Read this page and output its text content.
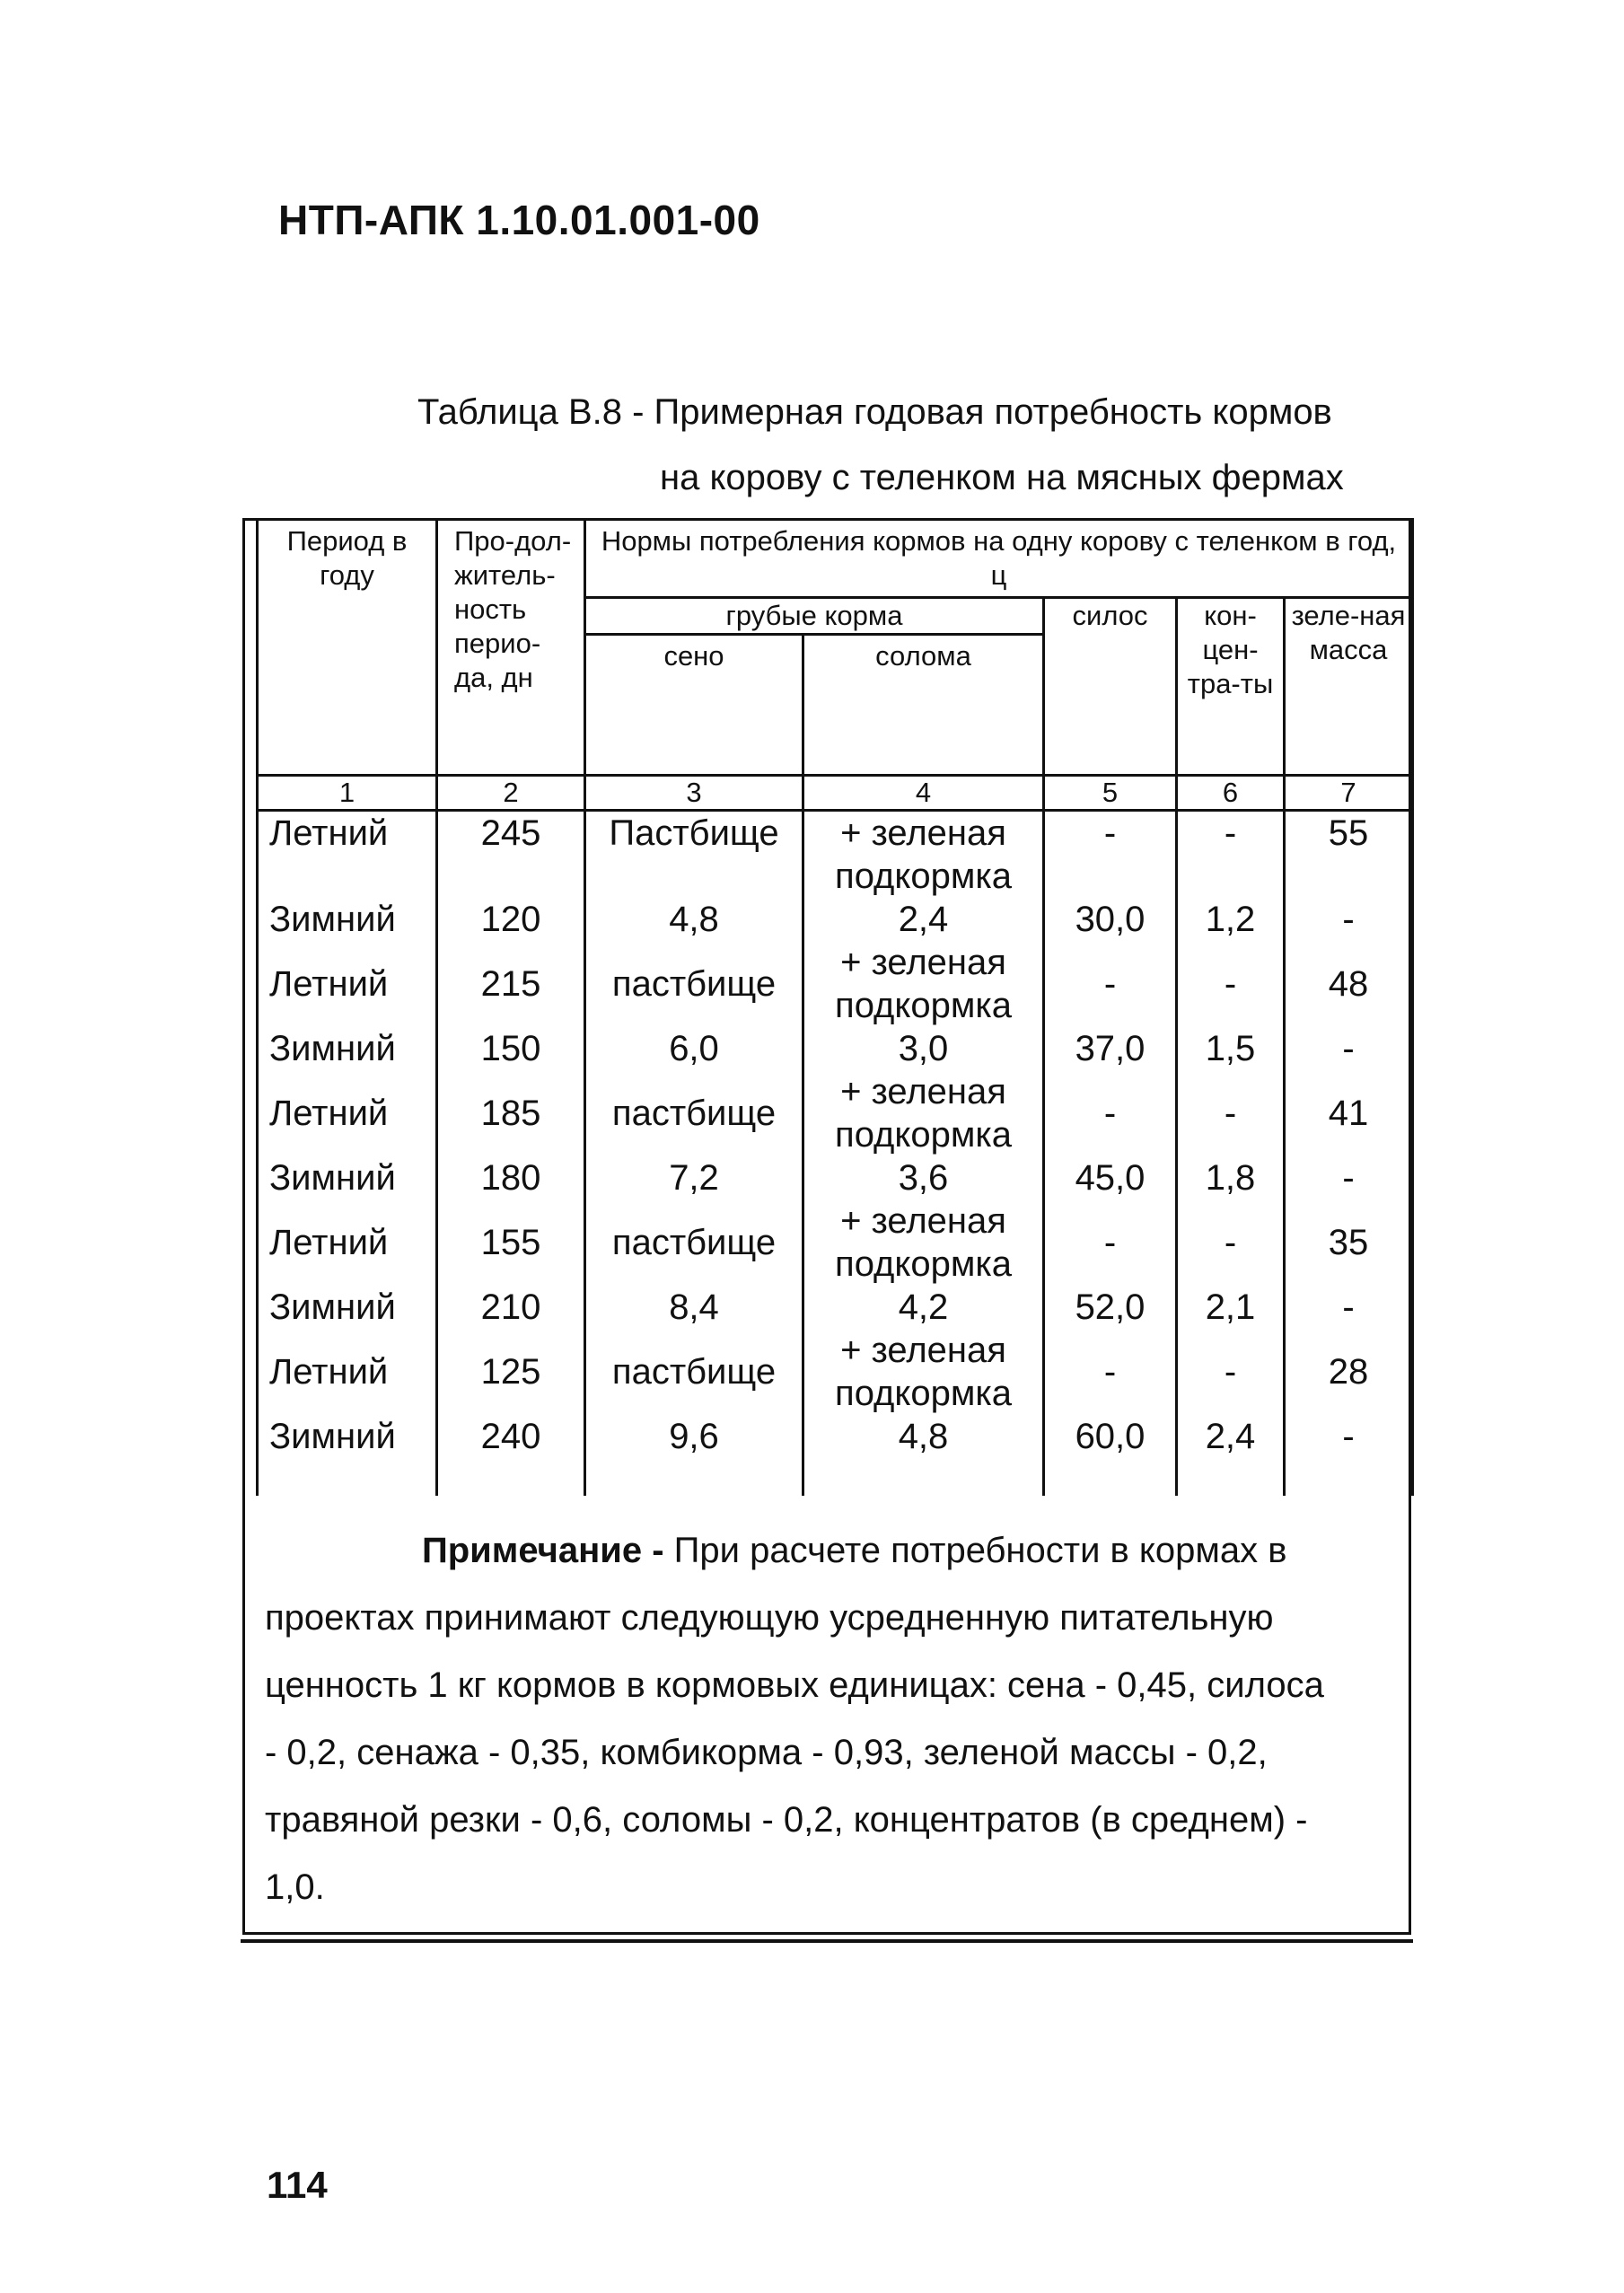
НТП-АПК 1.10.01.001-00
Таблица В.8 - Примерная годовая потребность кормов
на корову с теленком на мясных фермах
Период в году	Про-дол-житель-ность перио-да, дн	Нормы потребления кормов на одну корову с теленком в год, ц				
		грубые корма		силос	кон-цен-тра-ты	зеле-ная масса
		сено	солома			
1	2	3	4	5	6	7
Летний	245	Пастбище	+ зеленая подкормка	-	-	55
Зимний	120	4,8	2,4	30,0	1,2	-
Летний	215	пастбище	+ зеленая подкормка	-	-	48
Зимний	150	6,0	3,0	37,0	1,5	-
Летний	185	пастбище	+ зеленая подкормка	-	-	41
Зимний	180	7,2	3,6	45,0	1,8	-
Летний	155	пастбище	+ зеленая подкормка	-	-	35
Зимний	210	8,4	4,2	52,0	2,1	-
Летний	125	пастбище	+ зеленая подкормка	-	-	28
Зимний	240	9,6	4,8	60,0	2,4	-

Примечание - При расчете потребности в кормах в
проектах принимают следующую усредненную питательную
ценность 1 кг кормов в кормовых единицах: сена - 0,45, силоса
- 0,2, сенажа - 0,35, комбикорма - 0,93, зеленой массы - 0,2,
травяной резки - 0,6, соломы - 0,2, концентратов (в среднем) -
1,0.
114
